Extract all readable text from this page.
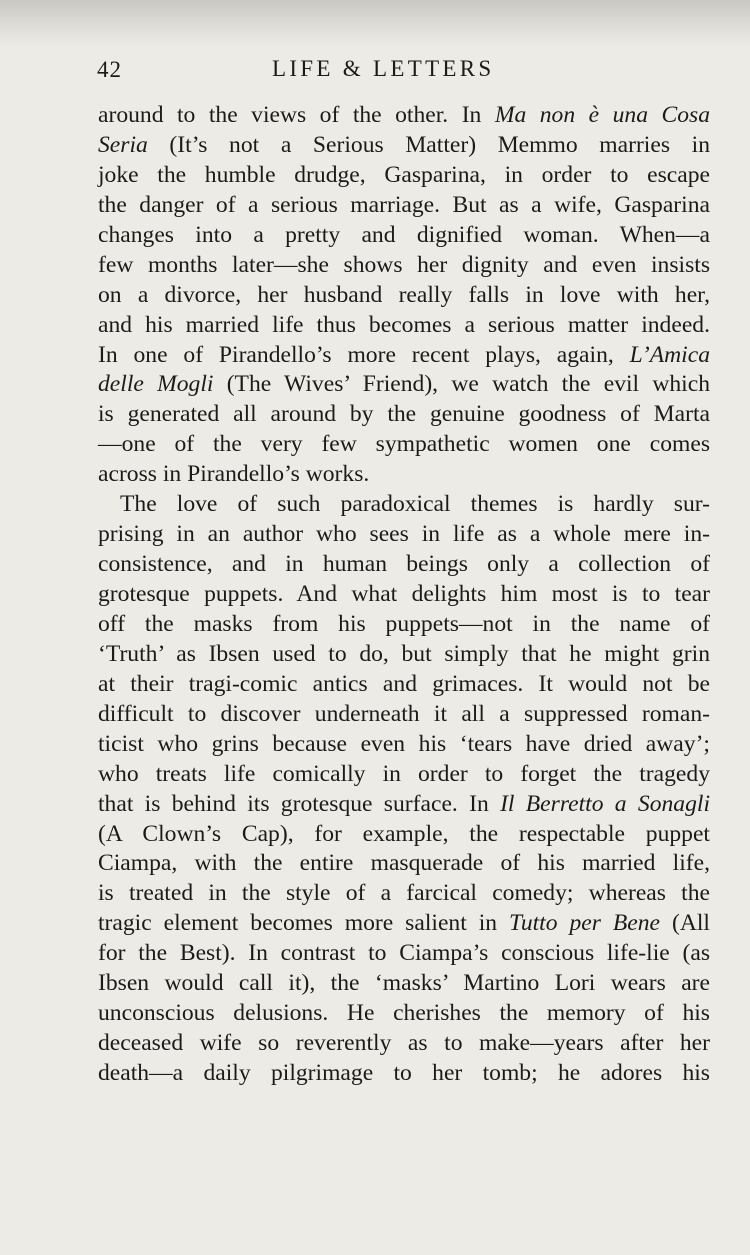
42	LIFE & LETTERS
around to the views of the other. In Ma non è una Cosa
Seria (It’s not a Serious Matter) Memmo marries in
joke the humble drudge, Gasparina, in order to escape
the danger of a serious marriage. But as a wife, Gasparina
changes into a pretty and dignified woman. When—a
few months later—she shows her dignity and even insists
on a divorce, her husband really falls in love with her,
and his married life thus becomes a serious matter indeed.
In one of Pirandello’s more recent plays, again, L’Amica
delle Mogli (The Wives’ Friend), we watch the evil which
is generated all around by the genuine goodness of Marta
—one of the very few sympathetic women one comes
across in Pirandello’s works.
The love of such paradoxical themes is hardly sur-
prising in an author who sees in life as a whole mere in-
consistence, and in human beings only a collection of
grotesque puppets. And what delights him most is to tear
off the masks from his puppets—not in the name of
‘Truth’ as Ibsen used to do, but simply that he might grin
at their tragi-comic antics and grimaces. It would not be
difficult to discover underneath it all a suppressed roman-
ticist who grins because even his ‘tears have dried away’;
who treats life comically in order to forget the tragedy
that is behind its grotesque surface. In Il Berretto a Sonagli
(A Clown’s Cap), for example, the respectable puppet
Ciampa, with the entire masquerade of his married life,
is treated in the style of a farcical comedy; whereas the
tragic element becomes more salient in Tutto per Bene (All
for the Best). In contrast to Ciampa’s conscious life-lie (as
Ibsen would call it), the ‘masks’ Martino Lori wears are
unconscious delusions. He cherishes the memory of his
deceased wife so reverently as to make—years after her
death—a daily pilgrimage to her tomb; he adores his
